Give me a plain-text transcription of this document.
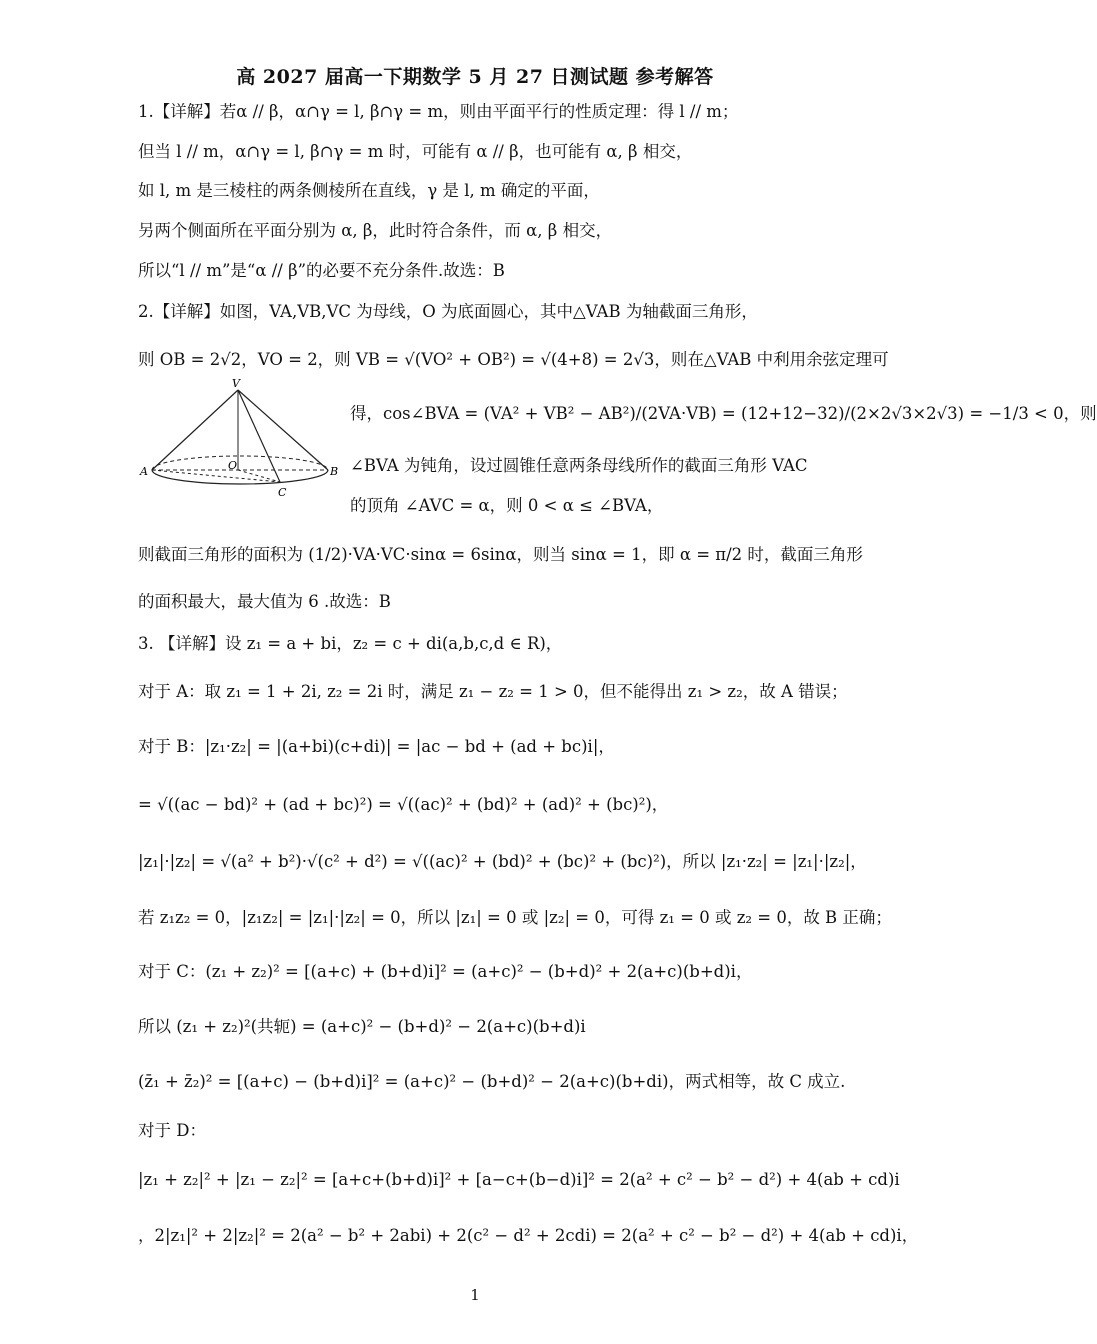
高 2027 届高一下期数学 5 月 27 日测试题 参考解答
1.【详解】若α // β，α∩γ = l, β∩γ = m，则由平面平行的性质定理：得 l // m；
但当 l // m，α∩γ = l, β∩γ = m 时，可能有 α // β，也可能有 α, β 相交，
如 l, m 是三棱柱的两条侧棱所在直线，γ 是 l, m 确定的平面，
另两个侧面所在平面分别为 α, β，此时符合条件，而 α, β 相交，
所以“l // m”是“α // β”的必要不充分条件.故选：B
2.【详解】如图，VA,VB,VC 为母线，O 为底面圆心，其中△VAB 为轴截面三角形，
则 OB = 2√2，VO = 2，则 VB = √(VO² + OB²) = √(4+8) = 2√3，则在△VAB 中利用余弦定理可
V
O
A	B
C
得，cos∠BVA = (VA² + VB² − AB²)/(2VA·VB) = (12+12−32)/(2×2√3×2√3) = −1/3 < 0，则
∠BVA 为钝角，设过圆锥任意两条母线所作的截面三角形 VAC
的顶角 ∠AVC = α，则 0 < α ≤ ∠BVA，
则截面三角形的面积为 (1/2)·VA·VC·sinα = 6sinα，则当 sinα = 1，即 α = π/2 时，截面三角形
的面积最大，最大值为 6 .故选：B
3. 【详解】设 z₁ = a + bi，z₂ = c + di(a,b,c,d ∈ R)，
对于 A：取 z₁ = 1 + 2i, z₂ = 2i 时，满足 z₁ − z₂ = 1 > 0，但不能得出 z₁ > z₂，故 A 错误；
对于 B：|z₁·z₂| = |(a+bi)(c+di)| = |ac − bd + (ad + bc)i|，
= √((ac − bd)² + (ad + bc)²) = √((ac)² + (bd)² + (ad)² + (bc)²)，
|z₁|·|z₂| = √(a² + b²)·√(c² + d²) = √((ac)² + (bd)² + (bc)² + (bc)²)，所以 |z₁·z₂| = |z₁|·|z₂|，
若 z₁z₂ = 0，|z₁z₂| = |z₁|·|z₂| = 0，所以 |z₁| = 0 或 |z₂| = 0，可得 z₁ = 0 或 z₂ = 0，故 B 正确；
对于 C：(z₁ + z₂)² = [(a+c) + (b+d)i]² = (a+c)² − (b+d)² + 2(a+c)(b+d)i，
所以 (z₁ + z₂)²(共轭) = (a+c)² − (b+d)² − 2(a+c)(b+d)i
(z̄₁ + z̄₂)² = [(a+c) − (b+d)i]² = (a+c)² − (b+d)² − 2(a+c)(b+di)，两式相等，故 C 成立.
对于 D：
|z₁ + z₂|² + |z₁ − z₂|² = [a+c+(b+d)i]² + [a−c+(b−d)i]² = 2(a² + c² − b² − d²) + 4(ab + cd)i
，2|z₁|² + 2|z₂|² = 2(a² − b² + 2abi) + 2(c² − d² + 2cdi) = 2(a² + c² − b² − d²) + 4(ab + cd)i，
1
